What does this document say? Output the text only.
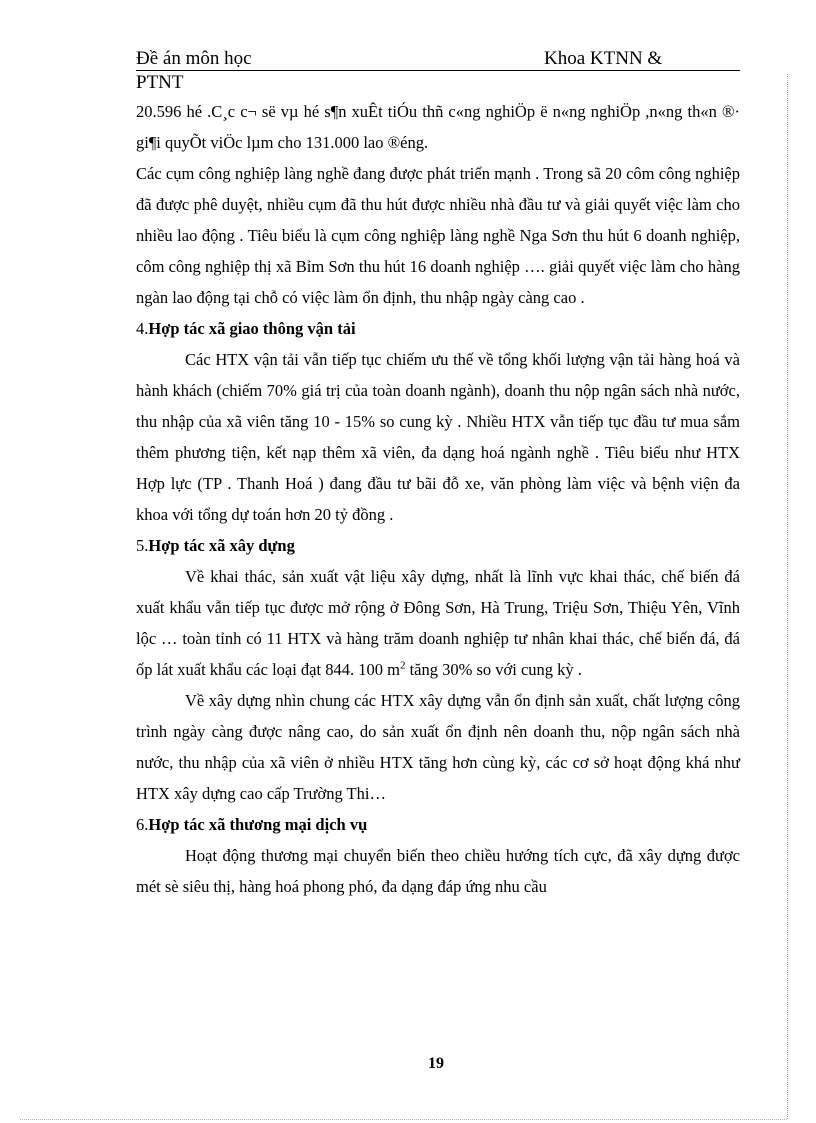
Đề án môn học	Khoa KTNN &
PTNT

20.596 hé .C¸c c¬ së vµ hé s¶n xuÊt tiÓu thñ c«ng nghiÖp ë n«ng nghiÖp ,n«ng th«n ®· gi¶i quyÕt viÖc lµm cho 131.000 lao ®éng.

Các cụm công nghiệp làng nghề đang được phát triển mạnh . Trong sã 20 côm công nghiệp đã được phê duyệt, nhiều cụm đã thu hút được nhiều nhà đầu tư và giải quyết việc làm cho nhiều lao động . Tiêu biểu là cụm công nghiệp làng nghề Nga Sơn thu hút 6 doanh nghiệp, côm công nghiệp thị xã Bỉm Sơn thu hút 16 doanh nghiệp …. giải quyết việc làm cho hàng ngàn lao động tại chỗ có việc làm ổn định, thu nhập ngày càng cao .

4.Hợp tác xã giao thông vận tải

Các HTX vận tải vẫn tiếp tục chiếm ưu thế về tổng khối lượng vận tải hàng hoá và hành khách (chiếm 70% giá trị của toàn doanh ngành), doanh thu nộp ngân sách nhà nước, thu nhập của xã viên tăng 10 - 15% so cung kỳ . Nhiều HTX vẫn tiếp tục đầu tư mua sắm thêm phương tiện, kết nạp thêm xã viên, đa dạng hoá ngành nghề . Tiêu biểu như HTX Hợp lực (TP . Thanh Hoá ) đang đầu tư bãi đỗ xe, văn phòng làm việc và bệnh viện đa khoa với tổng dự toán hơn 20 tỷ đồng .

5.Hợp tác xã xây dựng

Về khai thác, sản xuất vật liệu xây dựng, nhất là lĩnh vực khai thác, chế biến đá xuất khẩu vẫn tiếp tục được mở rộng ở Đông Sơn, Hà Trung, Triệu Sơn, Thiệu Yên, Vĩnh lộc … toàn tỉnh có 11 HTX và hàng trăm doanh nghiệp tư nhân khai thác, chế biến đá, đá ốp lát xuất khẩu các loại đạt 844. 100 $m^2$ tăng 30% so với cung kỳ .

Về xây dựng nhìn chung các HTX xây dựng vẫn ổn định sản xuất, chất lượng công trình ngày càng được nâng cao, do sản xuất ổn định nên doanh thu, nộp ngân sách nhà nước, thu nhập của xã viên ở nhiều HTX tăng hơn cùng kỳ, các cơ sở hoạt động khá như HTX xây dựng cao cấp Trường Thi…

6.Hợp tác xã thương mại dịch vụ

Hoạt động thương mại chuyển biến theo chiều hướng tích cực, đã xây dựng được mét sè siêu thị, hàng hoá phong phó, đa dạng đáp ứng nhu cầu

19
